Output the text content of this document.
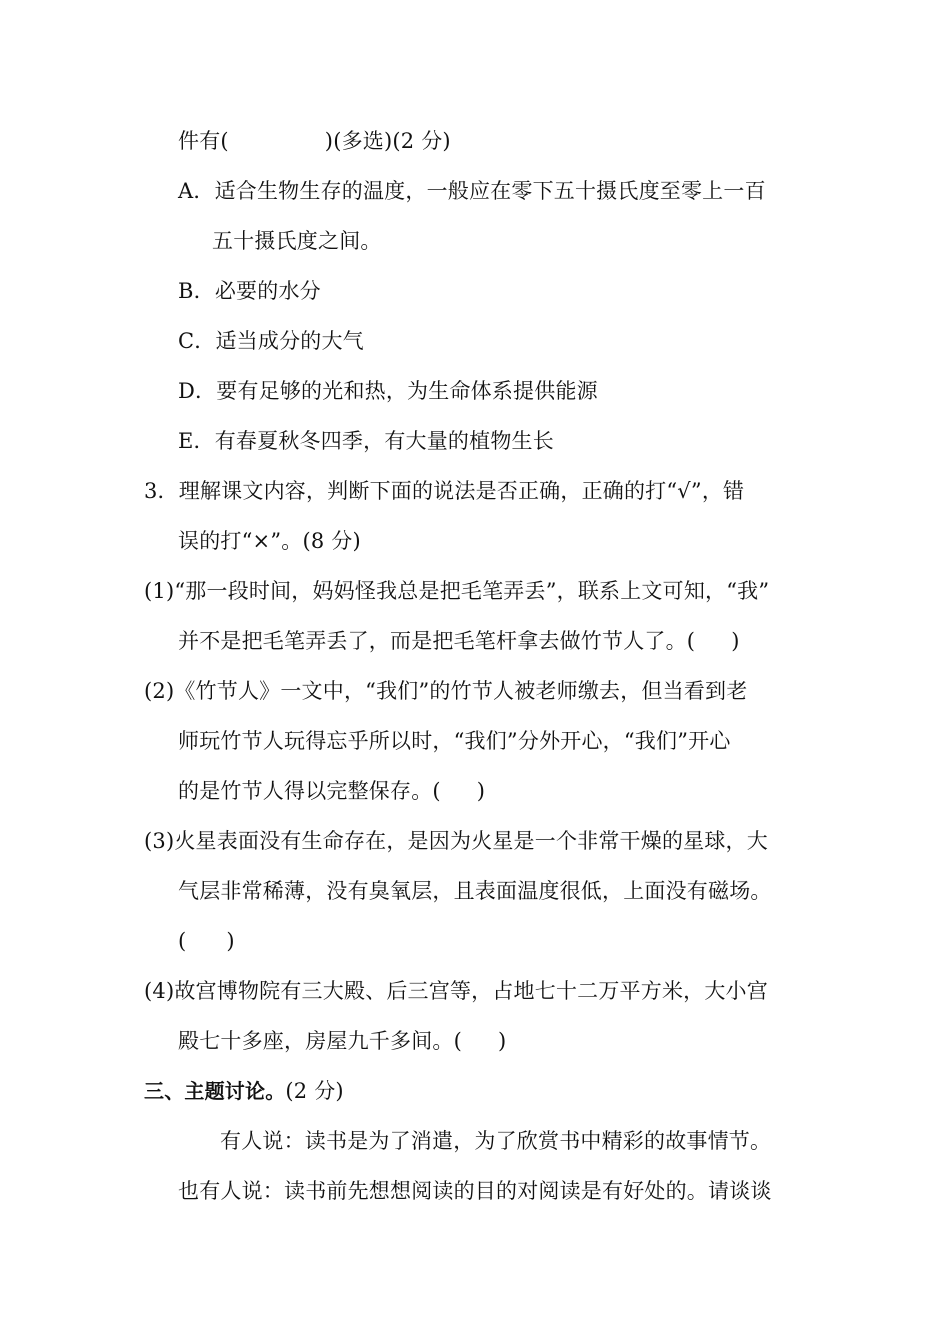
件有(	)(多选)(2 分)
A．适合生物生存的温度，一般应在零下五十摄氏度至零上一百
五十摄氏度之间。
B．必要的水分
C．适当成分的大气
D．要有足够的光和热，为生命体系提供能源
E．有春夏秋冬四季，有大量的植物生长
3．理解课文内容，判断下面的说法是否正确，正确的打“√”，错
误的打“×”。(8 分)
(1)“那一段时间，妈妈怪我总是把毛笔弄丢”，联系上文可知，“我”
并不是把毛笔弄丢了，而是把毛笔杆拿去做竹节人了。( )
(2)《竹节人》一文中，“我们”的竹节人被老师缴去，但当看到老
师玩竹节人玩得忘乎所以时，“我们”分外开心，“我们”开心
的是竹节人得以完整保存。( )
(3)火星表面没有生命存在，是因为火星是一个非常干燥的星球，大
气层非常稀薄，没有臭氧层，且表面温度很低，上面没有磁场。
( )
(4)故宫博物院有三大殿、后三宫等，占地七十二万平方米，大小宫
殿七十多座，房屋九千多间。( )
三、主题讨论。(2 分)
有人说：读书是为了消遣，为了欣赏书中精彩的故事情节。
也有人说：读书前先想想阅读的目的对阅读是有好处的。请谈谈
